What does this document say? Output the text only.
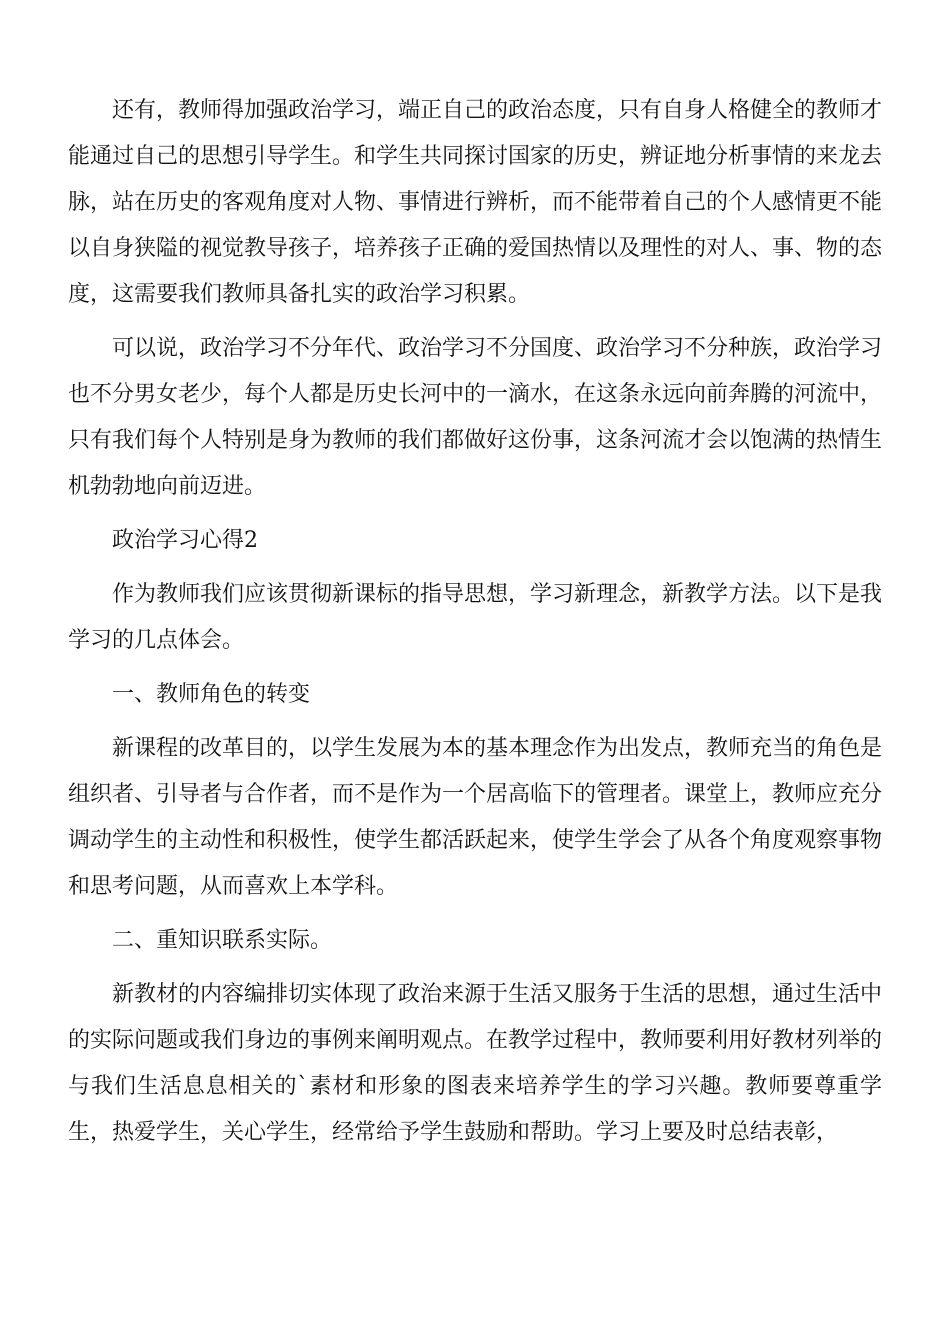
还有，教师得加强政治学习，端正自己的政治态度，只有自身人格健全的教师才能通过自己的思想引导学生。和学生共同探讨国家的历史，辨证地分析事情的来龙去脉，站在历史的客观角度对人物、事情进行辨析，而不能带着自己的个人感情更不能以自身狭隘的视觉教导孩子，培养孩子正确的爱国热情以及理性的对人、事、物的态度，这需要我们教师具备扎实的政治学习积累。

可以说，政治学习不分年代、政治学习不分国度、政治学习不分种族，政治学习也不分男女老少，每个人都是历史长河中的一滴水，在这条永远向前奔腾的河流中，只有我们每个人特别是身为教师的我们都做好这份事，这条河流才会以饱满的热情生机勃勃地向前迈进。

政治学习心得2

作为教师我们应该贯彻新课标的指导思想，学习新理念，新教学方法。以下是我学习的几点体会。

一、教师角色的转变

新课程的改革目的，以学生发展为本的基本理念作为出发点，教师充当的角色是组织者、引导者与合作者，而不是作为一个居高临下的管理者。课堂上，教师应充分调动学生的主动性和积极性，使学生都活跃起来，使学生学会了从各个角度观察事物和思考问题，从而喜欢上本学科。

二、重知识联系实际。

新教材的内容编排切实体现了政治来源于生活又服务于生活的思想，通过生活中的实际问题或我们身边的事例来阐明观点。在教学过程中，教师要利用好教材列举的与我们生活息息相关的`素材和形象的图表来培养学生的学习兴趣。教师要尊重学生，热爱学生，关心学生，经常给予学生鼓励和帮助。学习上要及时总结表彰，
